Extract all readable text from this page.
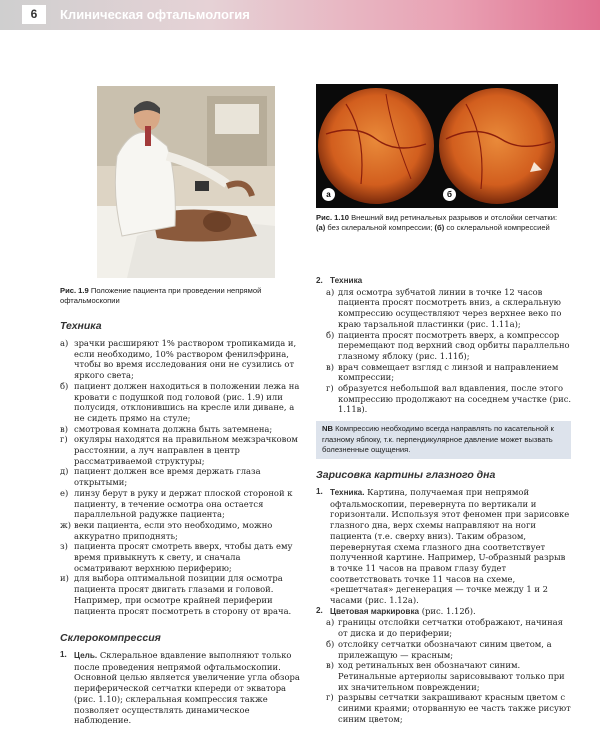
6	Клиническая офтальмология
а	б
Рис. 1.9 Положение пациента при проведении непрямой офтальмоскопии
Рис. 1.10 Внешний вид ретинальных разрывов и отслойки сетчатки: (а) без склеральной компрессии; (б) со склеральной компрессией
Техника
а) зрачки расширяют 1% раствором тропикамида и, если необходимо, 10% раствором фенилэфрина, чтобы во время исследования они не сузились от яркого света;
б) пациент должен находиться в положении лежа на кровати с подушкой под головой (рис. 1.9) или полусидя, отклонившись на кресле или диване, а не сидеть прямо на стуле;
в) смотровая комната должна быть затемнена;
г) окуляры находятся на правильном межзрачковом расстоянии, а луч направлен в центр рассматриваемой структуры;
д) пациент должен все время держать глаза открытыми;
е) линзу берут в руку и держат плоской стороной к пациенту, в течение осмотра она остается параллельной радужке пациента;
ж) веки пациента, если это необходимо, можно аккуратно приподнять;
з) пациента просят смотреть вверх, чтобы дать ему время привыкнуть к свету, и сначала осматривают верхнюю периферию;
и) для выбора оптимальной позиции для осмотра пациента просят двигать глазами и головой. Например, при осмотре крайней периферии пациента просят посмотреть в сторону от врача.
Склерокомпрессия
1. Цель. Склеральное вдавление выполняют только после проведения непрямой офтальмоскопии. Основной целью является увеличение угла обзора периферической сетчатки кпереди от экватора (рис. 1.10); склеральная компрессия также позволяет осуществлять динамическое наблюдение.
2. Техника
а) для осмотра зубчатой линии в точке 12 часов пациента просят посмотреть вниз, а склеральную компрессию осуществляют через верхнее веко по краю тарзальной пластинки (рис. 1.11а);
б) пациента просят посмотреть вверх, а компрессор перемещают под верхний свод орбиты параллельно глазному яблоку (рис. 1.11б);
в) врач совмещает взгляд с линзой и направлением компрессии;
г) образуется небольшой вал вдавления, после этого компрессию продолжают на соседнем участке (рис. 1.11в).
NB Компрессию необходимо всегда направлять по касательной к глазному яблоку, т.к. перпендикулярное давление может вызвать болезненные ощущения.
Зарисовка картины глазного дна
1. Техника. Картина, получаемая при непрямой офтальмоскопии, перевернута по вертикали и горизонтали. Используя этот феномен при зарисовке глазного дна, верх схемы направляют на ноги пациента (т.е. сверху вниз). Таким образом, перевернутая схема глазного дна соответствует полученной картине. Например, U-образный разрыв в точке 11 часов на правом глазу будет соответствовать точке 11 часов на схеме, «решетчатая» дегенерация — точке между 1 и 2 часами (рис. 1.12а).
2. Цветовая маркировка (рис. 1.12б).
а) границы отслойки сетчатки отображают, начиная от диска и до периферии;
б) отслойку сетчатки обозначают синим цветом, а прилежащую — красным;
в) ход ретинальных вен обозначают синим. Ретинальные артериолы зарисовывают только при их значительном повреждении;
г) разрывы сетчатки закрашивают красным цветом с синими краями; оторванную ее часть также рисуют синим цветом;
